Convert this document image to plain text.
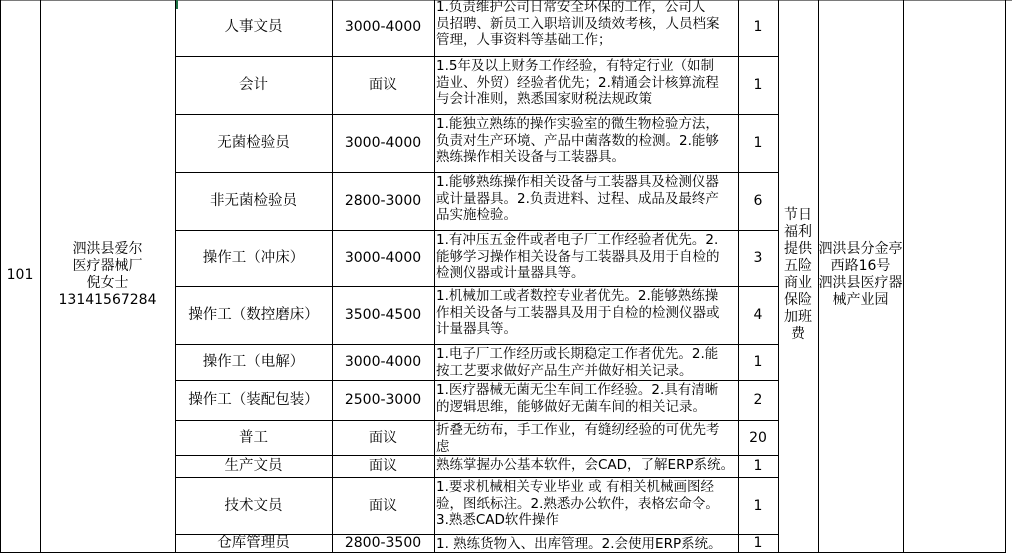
101
泗洪县爱尔
医疗器械厂
倪女士
13141567284
节日福利
提供五险
商业保险
加班费
泗洪县分金亭
西路16号
泗洪县医疗器
械产业园
人事文员	3000-4000
1.负责维护公司日常安全环保的工作，公司人
员招聘、新员工入职培训及绩效考核，人员档案
管理，人事资料等基础工作；
1
会计	面议
1.5年及以上财务工作经验，有特定行业（如制
造业、外贸）经验者优先；2.精通会计核算流程
与会计准则，熟悉国家财税法规政策
1
无菌检验员	3000-4000
1.能独立熟练的操作实验室的微生物检验方法，
负责对生产环境、产品中菌落数的检测。2.能够
熟练操作相关设备与工装器具。
1
非无菌检验员	2800-3000
1.能够熟练操作相关设备与工装器具及检测仪器
或计量器具。2.负责进料、过程、成品及最终产
品实施检验。
6
操作工（冲床）	3000-4000
1.有冲压五金件或者电子厂工作经验者优先。2.
能够学习操作相关设备与工装器具及用于自检的
检测仪器或计量器具等。
3
操作工（数控磨床）	3500-4500
1.机械加工或者数控专业者优先。2.能够熟练操
作相关设备与工装器具及用于自检的检测仪器或
计量器具等。
4
操作工（电解）	3000-4000	1.电子厂工作经历或长期稳定工作者优先。2.能
按工艺要求做好产品生产并做好相关记录。
1
操作工（装配包装）	2500-3000
1.医疗器械无菌无尘车间工作经验。2.具有清晰
的逻辑思维，能够做好无菌车间的相关记录。	2
普工	面议	折叠无纺布，手工作业，有缝纫经验的可优先考
虑
20
生产文员	面议	熟练掌握办公基本软件，会CAD，了解ERP系统。	1
技术文员	面议
1.要求机械相关专业毕业 或 有相关机械画图经
验，图纸标注。2.熟悉办公软件，表格宏命令。
3.熟悉CAD软件操作
1
仓库管理员	2800-3500	1. 熟练货物入、出库管理。2.会使用ERP系统。	1
